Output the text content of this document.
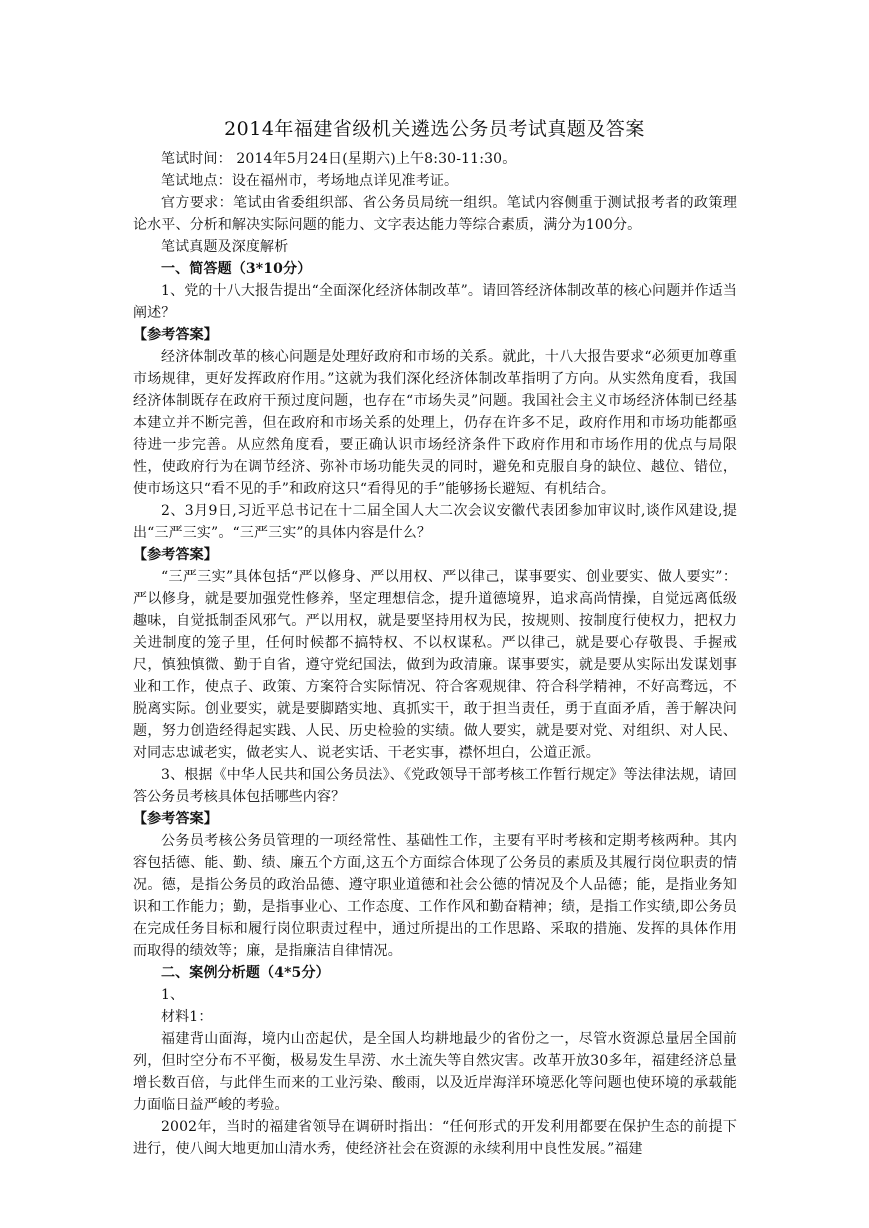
2014年福建省级机关遴选公务员考试真题及答案

笔试时间： 2014年5月24日(星期六)上午8:30-11:30。

笔试地点：设在福州市，考场地点详见准考证。

官方要求：笔试由省委组织部、省公务员局统一组织。笔试内容侧重于测试报考者的政策理论水平、分析和解决实际问题的能力、文字表达能力等综合素质，满分为100分。

笔试真题及深度解析

一、简答题（3*10分）

1、党的十八大报告提出“全面深化经济体制改革”。请回答经济体制改革的核心问题并作适当阐述？

【参考答案】

经济体制改革的核心问题是处理好政府和市场的关系。就此，十八大报告要求“必须更加尊重市场规律，更好发挥政府作用。”这就为我们深化经济体制改革指明了方向。从实然角度看，我国经济体制既存在政府干预过度问题，也存在“市场失灵”问题。我国社会主义市场经济体制已经基本建立并不断完善，但在政府和市场关系的处理上，仍存在许多不足，政府作用和市场功能都亟待进一步完善。从应然角度看，要正确认识市场经济条件下政府作用和市场作用的优点与局限性，使政府行为在调节经济、弥补市场功能失灵的同时，避免和克服自身的缺位、越位、错位，使市场这只“看不见的手”和政府这只“看得见的手”能够扬长避短、有机结合。

2、3月9日,习近平总书记在十二届全国人大二次会议安徽代表团参加审议时,谈作风建设,提出“三严三实”。“三严三实”的具体内容是什么？

【参考答案】

“三严三实”具体包括“严以修身、严以用权、严以律己，谋事要实、创业要实、做人要实”：严以修身，就是要加强党性修养，坚定理想信念，提升道德境界，追求高尚情操，自觉远离低级趣味，自觉抵制歪风邪气。严以用权，就是要坚持用权为民，按规则、按制度行使权力，把权力关进制度的笼子里，任何时候都不搞特权、不以权谋私。严以律己，就是要心存敬畏、手握戒尺，慎独慎微、勤于自省，遵守党纪国法，做到为政清廉。谋事要实，就是要从实际出发谋划事业和工作，使点子、政策、方案符合实际情况、符合客观规律、符合科学精神，不好高骛远，不脱离实际。创业要实，就是要脚踏实地、真抓实干，敢于担当责任，勇于直面矛盾，善于解决问题，努力创造经得起实践、人民、历史检验的实绩。做人要实，就是要对党、对组织、对人民、对同志忠诚老实，做老实人、说老实话、干老实事，襟怀坦白，公道正派。

3、根据《中华人民共和国公务员法》、《党政领导干部考核工作暂行规定》等法律法规，请回答公务员考核具体包括哪些内容？

【参考答案】

公务员考核公务员管理的一项经常性、基础性工作，主要有平时考核和定期考核两种。其内容包括德、能、勤、绩、廉五个方面,这五个方面综合体现了公务员的素质及其履行岗位职责的情况。德，是指公务员的政治品德、遵守职业道德和社会公德的情况及个人品德；能，是指业务知识和工作能力；勤，是指事业心、工作态度、工作作风和勤奋精神；绩，是指工作实绩,即公务员在完成任务目标和履行岗位职责过程中，通过所提出的工作思路、采取的措施、发挥的具体作用而取得的绩效等；廉，是指廉洁自律情况。

二、案例分析题（4*5分）

1、

材料1：

福建背山面海，境内山峦起伏，是全国人均耕地最少的省份之一，尽管水资源总量居全国前列，但时空分布不平衡，极易发生旱涝、水土流失等自然灾害。改革开放30多年，福建经济总量增长数百倍，与此伴生而来的工业污染、酸雨，以及近岸海洋环境恶化等问题也使环境的承载能力面临日益严峻的考验。

2002年，当时的福建省领导在调研时指出：“任何形式的开发利用都要在保护生态的前提下进行，使八闽大地更加山清水秀，使经济社会在资源的永续利用中良性发展。”福建
